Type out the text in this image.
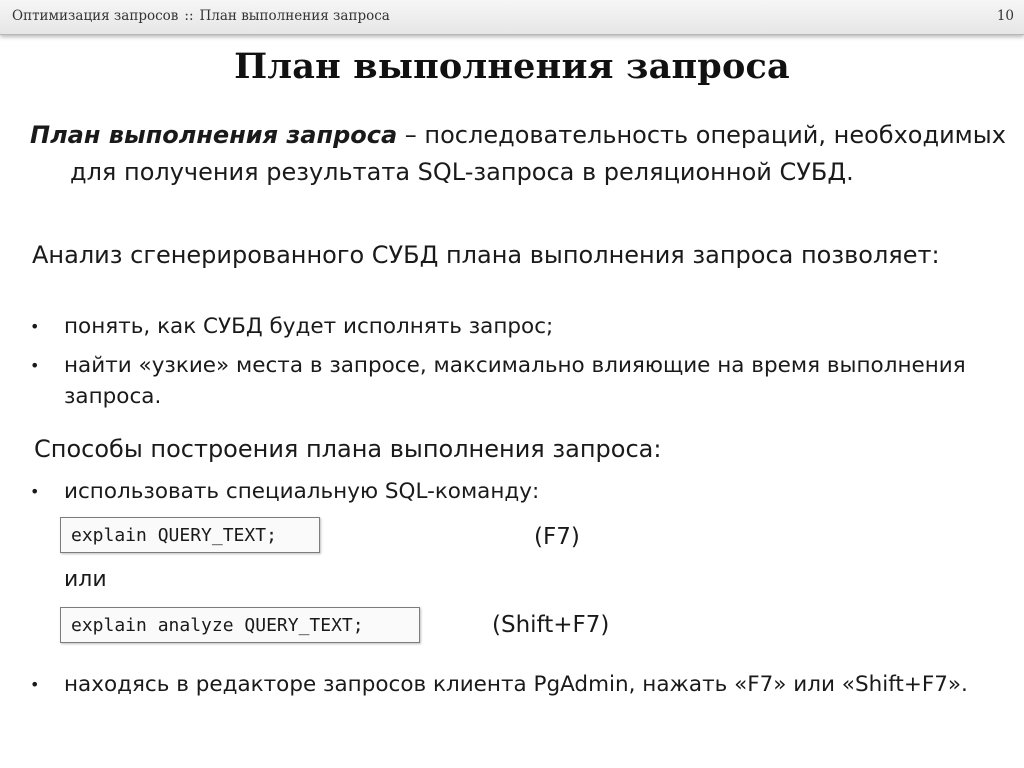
Оптимизация запросов :: План выполнения запроса	10
План выполнения запроса

План выполнения запроса – последовательность операций, необходимых для получения результата SQL-запроса в реляционной СУБД.

Анализ сгенерированного СУБД плана выполнения запроса позволяет:

• понять, как СУБД будет исполнять запрос;
• найти «узкие» места в запросе, максимально влияющие на время выполнения запроса.

Способы построения плана выполнения запроса:

• использовать специальную SQL-команду:
explain QUERY_TEXT;	(F7)
или
explain analyze QUERY_TEXT;	(Shift+F7)
• находясь в редакторе запросов клиента PgAdmin, нажать «F7» или «Shift+F7».
